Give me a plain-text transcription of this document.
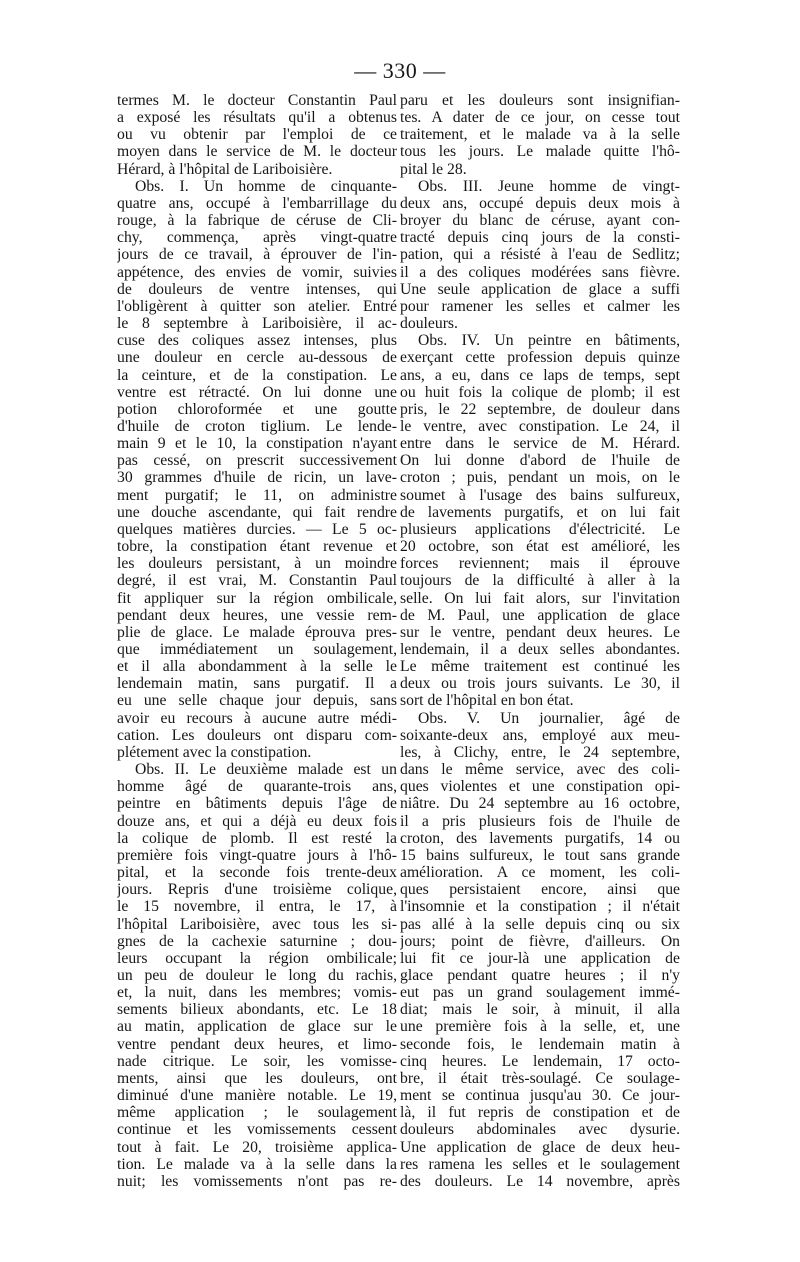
— 330 —
termes M. le docteur Constantin Paul
a exposé les résultats qu'il a obtenus
ou vu obtenir par l'emploi de ce
moyen dans le service de M. le docteur
Hérard, à l'hôpital de Lariboisière.
Obs. I. Un homme de cinquante-
quatre ans, occupé à l'embarrillage du
rouge, à la fabrique de céruse de Cli-
chy, commença, après vingt-quatre
jours de ce travail, à éprouver de l'in-
appétence, des envies de vomir, suivies
de douleurs de ventre intenses, qui
l'obligèrent à quitter son atelier. Entré
le 8 septembre à Lariboisière, il ac-
cuse des coliques assez intenses, plus
une douleur en cercle au-dessous de
la ceinture, et de la constipation. Le
ventre est rétracté. On lui donne une
potion chloroformée et une goutte
d'huile de croton tiglium. Le lende-
main 9 et le 10, la constipation n'ayant
pas cessé, on prescrit successivement
30 grammes d'huile de ricin, un lave-
ment purgatif; le 11, on administre
une douche ascendante, qui fait rendre
quelques matières durcies. — Le 5 oc-
tobre, la constipation étant revenue et
les douleurs persistant, à un moindre
degré, il est vrai, M. Constantin Paul
fit appliquer sur la région ombilicale,
pendant deux heures, une vessie rem-
plie de glace. Le malade éprouva pres-
que immédiatement un soulagement,
et il alla abondamment à la selle le
lendemain matin, sans purgatif. Il a
eu une selle chaque jour depuis, sans
avoir eu recours à aucune autre médi-
cation. Les douleurs ont disparu com-
plétement avec la constipation.
Obs. II. Le deuxième malade est un
homme âgé de quarante-trois ans,
peintre en bâtiments depuis l'âge de
douze ans, et qui a déjà eu deux fois
la colique de plomb. Il est resté la
première fois vingt-quatre jours à l'hô-
pital, et la seconde fois trente-deux
jours. Repris d'une troisième colique,
le 15 novembre, il entra, le 17, à
l'hôpital Lariboisière, avec tous les si-
gnes de la cachexie saturnine ; dou-
leurs occupant la région ombilicale;
un peu de douleur le long du rachis,
et, la nuit, dans les membres; vomis-
sements bilieux abondants, etc. Le 18
au matin, application de glace sur le
ventre pendant deux heures, et limo-
nade citrique. Le soir, les vomisse-
ments, ainsi que les douleurs, ont
diminué d'une manière notable. Le 19,
même application ; le soulagement
continue et les vomissements cessent
tout à fait. Le 20, troisième applica-
tion. Le malade va à la selle dans la
nuit; les vomissements n'ont pas re-
paru et les douleurs sont insignifian-
tes. A dater de ce jour, on cesse tout
traitement, et le malade va à la selle
tous les jours. Le malade quitte l'hô-
pital le 28.
Obs. III. Jeune homme de vingt-
deux ans, occupé depuis deux mois à
broyer du blanc de céruse, ayant con-
tracté depuis cinq jours de la consti-
pation, qui a résisté à l'eau de Sedlitz;
il a des coliques modérées sans fièvre.
Une seule application de glace a suffi
pour ramener les selles et calmer les
douleurs.
Obs. IV. Un peintre en bâtiments,
exerçant cette profession depuis quinze
ans, a eu, dans ce laps de temps, sept
ou huit fois la colique de plomb; il est
pris, le 22 septembre, de douleur dans
le ventre, avec constipation. Le 24, il
entre dans le service de M. Hérard.
On lui donne d'abord de l'huile de
croton ; puis, pendant un mois, on le
soumet à l'usage des bains sulfureux,
de lavements purgatifs, et on lui fait
plusieurs applications d'électricité. Le
20 octobre, son état est amélioré, les
forces reviennent; mais il éprouve
toujours de la difficulté à aller à la
selle. On lui fait alors, sur l'invitation
de M. Paul, une application de glace
sur le ventre, pendant deux heures. Le
lendemain, il a deux selles abondantes.
Le même traitement est continué les
deux ou trois jours suivants. Le 30, il
sort de l'hôpital en bon état.
Obs. V. Un journalier, âgé de
soixante-deux ans, employé aux meu-
les, à Clichy, entre, le 24 septembre,
dans le même service, avec des coli-
ques violentes et une constipation opi-
niâtre. Du 24 septembre au 16 octobre,
il a pris plusieurs fois de l'huile de
croton, des lavements purgatifs, 14 ou
15 bains sulfureux, le tout sans grande
amélioration. A ce moment, les coli-
ques persistaient encore, ainsi que
l'insomnie et la constipation ; il n'était
pas allé à la selle depuis cinq ou six
jours; point de fièvre, d'ailleurs. On
lui fit ce jour-là une application de
glace pendant quatre heures ; il n'y
eut pas un grand soulagement immé-
diat; mais le soir, à minuit, il alla
une première fois à la selle, et, une
seconde fois, le lendemain matin à
cinq heures. Le lendemain, 17 octo-
bre, il était très-soulagé. Ce soulage-
ment se continua jusqu'au 30. Ce jour-
là, il fut repris de constipation et de
douleurs abdominales avec dysurie.
Une application de glace de deux heu-
res ramena les selles et le soulagement
des douleurs. Le 14 novembre, après
